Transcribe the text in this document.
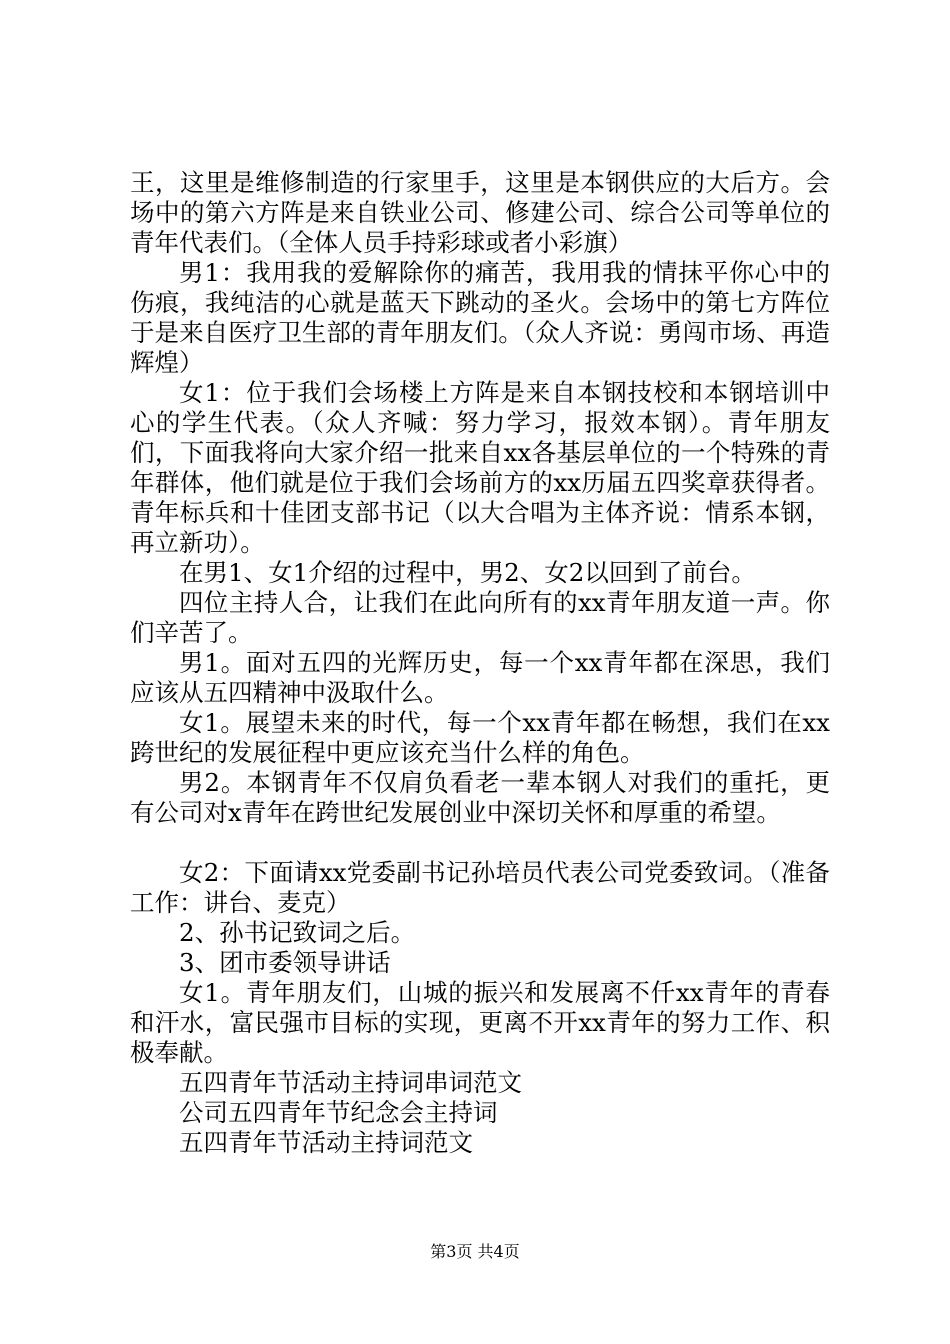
王，这里是维修制造的行家里手，这里是本钢供应的大后方。会场中的第六方阵是来自铁业公司、修建公司、综合公司等单位的青年代表们。（全体人员手持彩球或者小彩旗）

男1：我用我的爱解除你的痛苦，我用我的情抹平你心中的伤痕，我纯洁的心就是蓝天下跳动的圣火。会场中的第七方阵位于是来自医疗卫生部的青年朋友们。（众人齐说：勇闯市场、再造辉煌）

女1：位于我们会场楼上方阵是来自本钢技校和本钢培训中心的学生代表。（众人齐喊：努力学习，报效本钢）。青年朋友们，下面我将向大家介绍一批来自xx各基层单位的一个特殊的青年群体，他们就是位于我们会场前方的xx历届五四奖章获得者。青年标兵和十佳团支部书记（以大合唱为主体齐说：情系本钢，再立新功）。

在男1、女1介绍的过程中，男2、女2以回到了前台。

四位主持人合，让我们在此向所有的xx青年朋友道一声。你们辛苦了。

男1。面对五四的光辉历史，每一个xx青年都在深思，我们应该从五四精神中汲取什么。

女1。展望未来的时代，每一个xx青年都在畅想，我们在xx跨世纪的发展征程中更应该充当什么样的角色。

男2。本钢青年不仅肩负看老一辈本钢人对我们的重托，更有公司对x青年在跨世纪发展创业中深切关怀和厚重的希望。

女2：下面请xx党委副书记孙培员代表公司党委致词。（准备工作：讲台、麦克）

2、孙书记致词之后。

3、团市委领导讲话

女1。青年朋友们，山城的振兴和发展离不仟xx青年的青春和汗水，富民强市目标的实现，更离不开xx青年的努力工作、积极奉献。

五四青年节活动主持词串词范文

公司五四青年节纪念会主持词

五四青年节活动主持词范文

第3页 共4页
